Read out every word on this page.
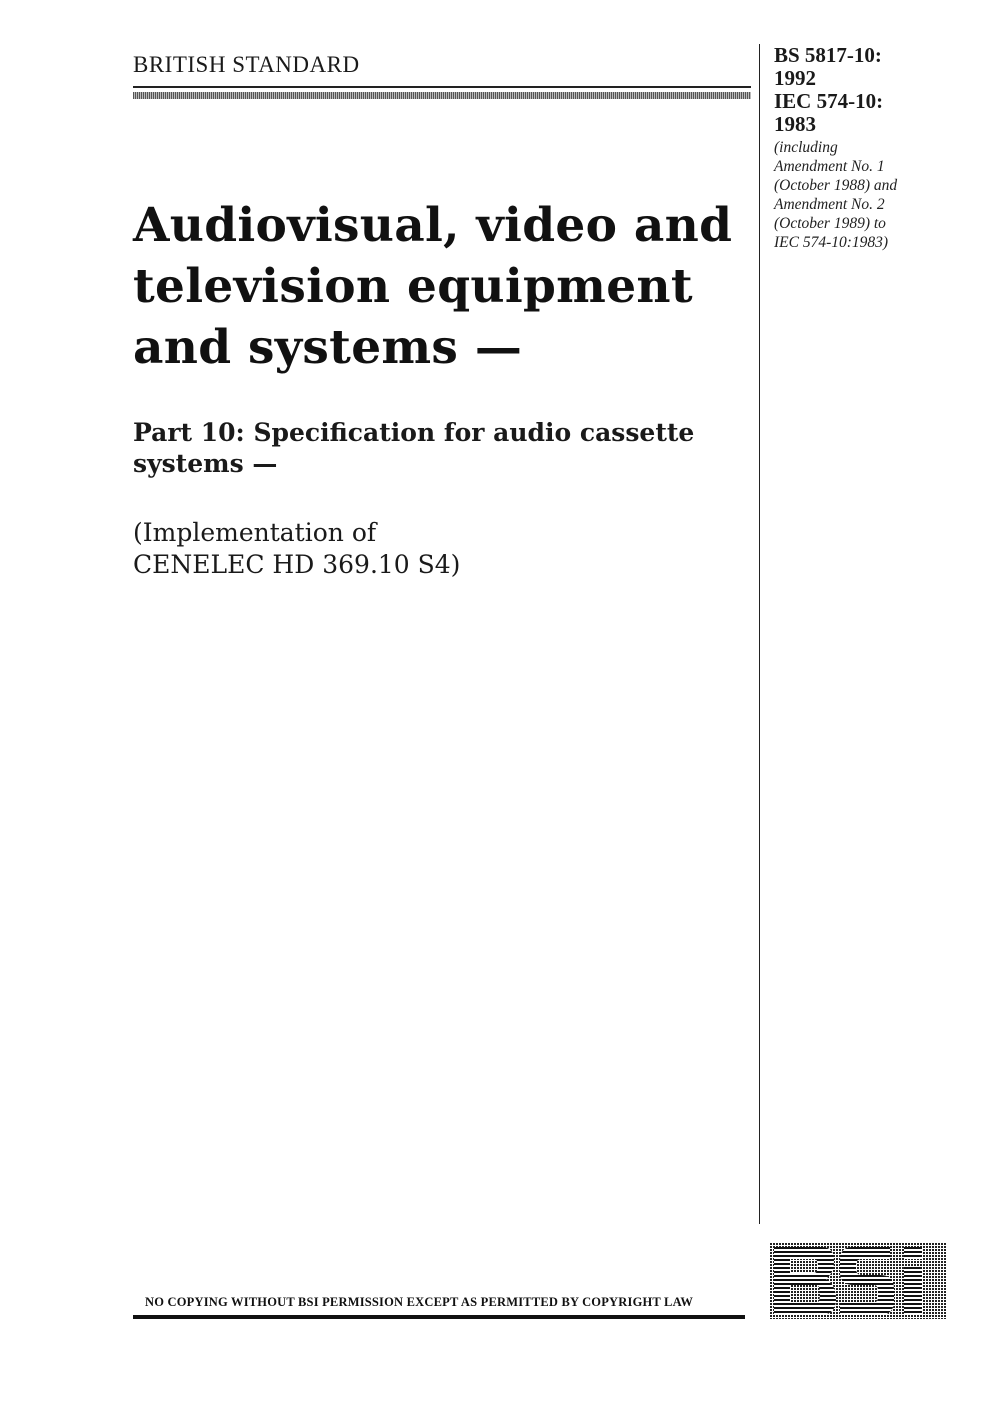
BRITISH STANDARD	BS 5817-10:
1992
IEC 574-10:
1983
(including
Amendment No. 1
(October 1988) and
Amendment No. 2
(October 1989) to
IEC 574-10:1983)
Audiovisual, video and
television equipment
and systems —
Part 10: Specification for audio cassette
systems —
(Implementation of
CENELEC HD 369.10 S4)
NO COPYING WITHOUT BSI PERMISSION EXCEPT AS PERMITTED BY COPYRIGHT LAW
BSi
